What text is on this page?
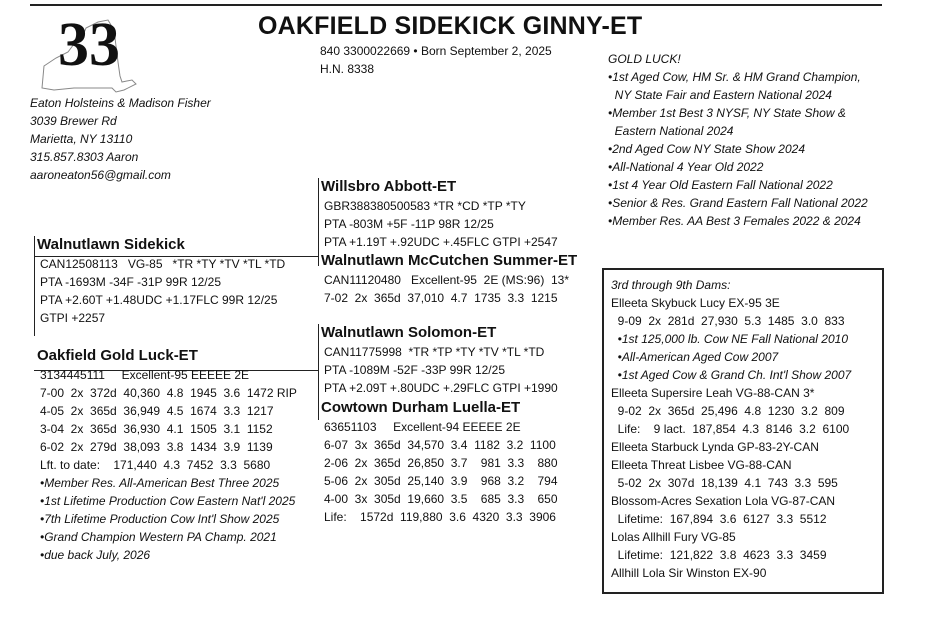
33	OAKFIELD SIDEKICK GINNY-ET
840 3300022669 • Born September 2, 2025
H.N. 8338
Eaton Holsteins & Madison Fisher
3039 Brewer Rd
Marietta, NY 13110
315.857.8303 Aaron
aaroneaton56@gmail.com
GOLD LUCK!
•1st Aged Cow, HM Sr. & HM Grand Champion,
NY State Fair and Eastern National 2024
•Member 1st Best 3 NYSF, NY State Show &
Eastern National 2024
•2nd Aged Cow NY State Show 2024
•All-National 4 Year Old 2022
•1st 4 Year Old Eastern Fall National 2022
•Senior & Res. Grand Eastern Fall National 2022
•Member Res. AA Best 3 Females 2022 & 2024
Walnutlawn Sidekick
CAN12508113   VG-85   *TR *TY *TV *TL *TD
PTA -1693M -34F -31P 99R 12/25
PTA +2.60T +1.48UDC +1.17FLC 99R 12/25
GTPI +2257
Willsbro Abbott-ET
GBR388380500583 *TR *CD *TP *TY
PTA -803M +5F -11P 98R 12/25
PTA +1.19T +.92UDC +.45FLC GTPI +2547
Walnutlawn McCutchen Summer-ET
CAN11120480   Excellent-95  2E (MS:96)  13*
7-02  2x  365d  37,010  4.7  1735  3.3  1215
Oakfield Gold Luck-ET
3134445111     Excellent-95 EEEEE 2E
7-00  2x  372d  40,360  4.8  1945  3.6  1472 RIP
4-05  2x  365d  36,949  4.5  1674  3.3  1217
3-04  2x  365d  36,930  4.1  1505  3.1  1152
6-02  2x  279d  38,093  3.8  1434  3.9  1139
Lft. to date:    171,440  4.3  7452  3.3  5680
•Member Res. All-American Best Three 2025
•1st Lifetime Production Cow Eastern Nat'l 2025
•7th Lifetime Production Cow Int'l Show 2025
•Grand Champion Western PA Champ. 2021
•due back July, 2026
Walnutlawn Solomon-ET
CAN11775998  *TR *TP *TY *TV *TL *TD
PTA -1089M -52F -33P 99R 12/25
PTA +2.09T +.80UDC +.29FLC GTPI +1990
Cowtown Durham Luella-ET
63651103     Excellent-94 EEEEE 2E
6-07  3x  365d  34,570  3.4  1182  3.2  1100
2-06  2x  365d  26,850  3.7    981  3.3    880
5-06  2x  305d  25,140  3.9    968  3.2    794
4-00  3x  305d  19,660  3.5    685  3.3    650
Life:    1572d  119,880  3.6  4320  3.3  3906
3rd through 9th Dams:
Elleeta Skybuck Lucy EX-95 3E
9-09  2x  281d  27,930  5.3  1485  3.0  833
•1st 125,000 lb. Cow NE Fall National 2010
•All-American Aged Cow 2007
•1st Aged Cow & Grand Ch. Int'l Show 2007
Elleeta Supersire Leah VG-88-CAN 3*
9-02  2x  365d  25,496  4.8  1230  3.2  809
Life:    9 lact.  187,854  4.3  8146  3.2  6100
Elleeta Starbuck Lynda GP-83-2Y-CAN
Elleeta Threat Lisbee VG-88-CAN
5-02  2x  307d  18,139  4.1  743  3.3  595
Blossom-Acres Sexation Lola VG-87-CAN
Lifetime:  167,894  3.6  6127  3.3  5512
Lolas Allhill Fury VG-85
Lifetime:  121,822  3.8  4623  3.3  3459
Allhill Lola Sir Winston EX-90
